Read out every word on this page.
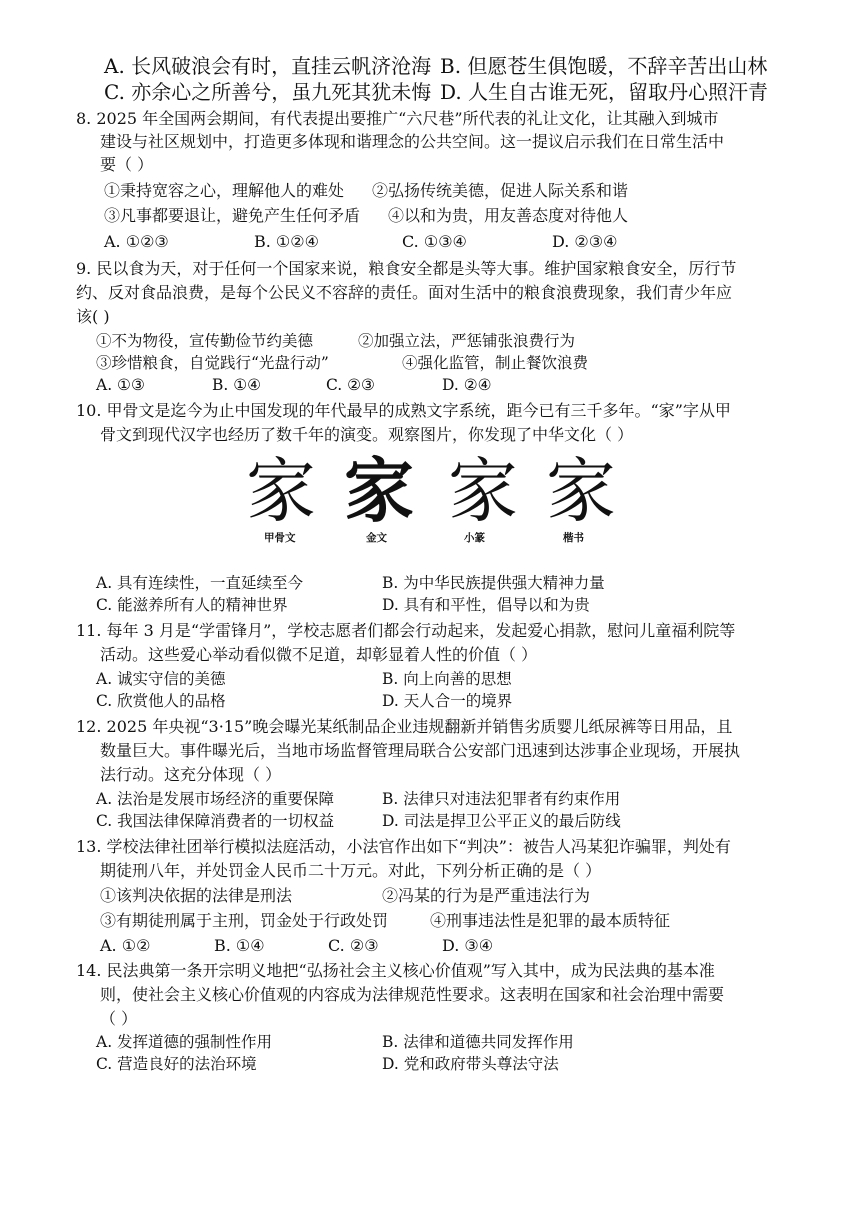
A. 长风破浪会有时，直挂云帆济沧海 B. 但愿苍生俱饱暖，不辞辛苦出山林
C. 亦余心之所善兮，虽九死其犹未悔 D. 人生自古谁无死，留取丹心照汗青
8. 2025 年全国两会期间，有代表提出要推广“六尺巷”所代表的礼让文化，让其融入到城市
建设与社区规划中，打造更多体现和谐理念的公共空间。这一提议启示我们在日常生活中
要（ ）
①秉持宽容之心，理解他人的难处 ②弘扬传统美德，促进人际关系和谐
③凡事都要退让，避免产生任何矛盾 ④以和为贵，用友善态度对待他人
A. ①②③	B. ①②④	C. ①③④	D. ②③④
9. 民以食为天，对于任何一个国家来说，粮食安全都是头等大事。维护国家粮食安全，厉行节
约、反对食品浪费，是每个公民义不容辞的责任。面对生活中的粮食浪费现象，我们青少年应
该( )
①不为物役，宣传勤俭节约美德	②加强立法，严惩铺张浪费行为
③珍惜粮食，自觉践行“光盘行动”	④强化监管，制止餐饮浪费
A. ①③	B. ①④	C. ②③	D. ②④
10. 甲骨文是迄今为止中国发现的年代最早的成熟文字系统，距今已有三千多年。“家”字从甲
骨文到现代汉字也经历了数千年的演变。观察图片，你发现了中华文化（ ）
家 家 家 家
甲骨文	金文	小篆	楷书
A. 具有连续性，一直延续至今	B. 为中华民族提供强大精神力量
C. 能滋养所有人的精神世界	D. 具有和平性，倡导以和为贵
11. 每年 3 月是“学雷锋月”，学校志愿者们都会行动起来，发起爱心捐款，慰问儿童福利院等
活动。这些爱心举动看似微不足道，却彰显着人性的价值（ ）
A. 诚实守信的美德	B. 向上向善的思想
C. 欣赏他人的品格	D. 天人合一的境界
12. 2025 年央视“3·15”晚会曝光某纸制品企业违规翻新并销售劣质婴儿纸尿裤等日用品，且
数量巨大。事件曝光后，当地市场监督管理局联合公安部门迅速到达涉事企业现场，开展执
法行动。这充分体现（ ）
A. 法治是发展市场经济的重要保障	B. 法律只对违法犯罪者有约束作用
C. 我国法律保障消费者的一切权益	D. 司法是捍卫公平正义的最后防线
13. 学校法律社团举行模拟法庭活动，小法官作出如下“判决”：被告人冯某犯诈骗罪，判处有
期徒刑八年，并处罚金人民币二十万元。对此，下列分析正确的是（ ）
①该判决依据的法律是刑法	②冯某的行为是严重违法行为
③有期徒刑属于主刑，罚金处于行政处罚	④刑事违法性是犯罪的最本质特征
A. ①②	B. ①④	C. ②③	D. ③④
14. 民法典第一条开宗明义地把“弘扬社会主义核心价值观”写入其中，成为民法典的基本准
则，使社会主义核心价值观的内容成为法律规范性要求。这表明在国家和社会治理中需要
（ ）
A. 发挥道德的强制性作用	B. 法律和道德共同发挥作用
C. 营造良好的法治环境	D. 党和政府带头尊法守法
